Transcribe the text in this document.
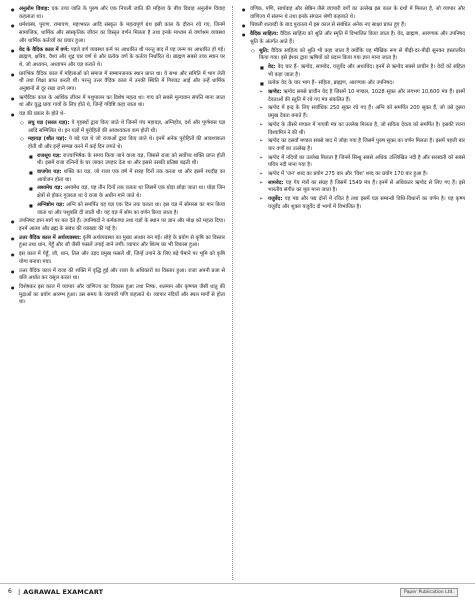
● अनुलोम विवाह: एक उच्च जाति के पुरुष और एक निचली जाति की महिला के बीच विवाह अनुलोम विवाह कहलाता था।
● धर्मशास्त्र, पुराण, रामायण, महाभारत आदि संस्कृत के महत्वपूर्ण ग्रंथ इसी काल के दौरान रचे गए, जिनमें सामाजिक, धार्मिक और सांस्कृतिक जीवन का विस्तृत वर्णन मिलता है तथा इनके माध्यम से वर्णाश्रम व्यवस्था और धार्मिक कर्तव्यों का प्रचार हुआ।
● वेद के वैदिक काल में वर्ण: पहले वर्ण व्यवस्था कर्म पर आधारित थी परन्तु बाद में यह जन्म पर आधारित हो गई। ब्राह्मण, क्षत्रिय, वैश्य और शूद्र चार वर्ण थे और प्रत्येक वर्ण के कर्तव्य निर्धारित थे। ब्राह्मण सबसे उच्च स्थान पर थे, जो अध्ययन, अध्यापन और यज्ञ कराते थे।
● प्रारंभिक वैदिक काल में महिलाओं को समाज में सम्मानजनक स्थान प्राप्त था। वे सभा और समिति में भाग लेती थीं तथा शिक्षा प्राप्त करती थीं। परन्तु उत्तर वैदिक काल में उनकी स्थिति में गिरावट आई और उन्हें धार्मिक अनुष्ठानों से दूर रखा जाने लगा।
● ऋग्वैदिक काल के आर्थिक जीवन में पशुपालन का विशेष महत्व था। गाय को सबसे मूल्यवान संपत्ति माना जाता था और युद्ध प्रायः गायों के लिए होते थे, जिन्हें गविष्टि कहा जाता था।
● यज्ञ की प्रकार के होते थे–
◇ लघु यज्ञ (सरल यज्ञ): ये गृहस्थों द्वारा किए जाते थे जिनमें पंच महायज्ञ, अग्निहोत्र, दर्श और पूर्णमास यज्ञ आदि सम्मिलित थे। इन यज्ञों में पुरोहितों की आवश्यकता कम होती थी।
◇ महायज्ञ (श्रौत यज्ञ): ये बड़े यज्ञ थे जो राजाओं द्वारा किए जाते थे। इनमें अनेक पुरोहितों की आवश्यकता होती थी और इन्हें सम्पन्न करने में कई दिन लगते थे।
■ राजसूय यज्ञ: राज्याभिषेक के समय किया जाने वाला यज्ञ, जिससे राजा को सर्वोच्च शक्ति प्राप्त होती थी। इसमें राजा रत्निनों के घर जाकर उपहार देता था और इससे उसकी प्रतिष्ठा बढ़ती थी।
■ वाजपेय यज्ञ: शक्ति का यज्ञ, जो राजा एक वर्ष में सत्रह दिनों तक करता था और इसमें रथदौड़ का आयोजन होता था।
■ अश्वमेध यज्ञ: अश्वमेध यज्ञ, यह तीन दिनों तक चलता था जिसमें एक घोड़ा छोड़ा जाता था। घोड़ा जिन क्षेत्रों से होकर गुजरता था वे राजा के अधीन माने जाते थे।
■ अग्निष्टोम यज्ञ: अग्नि को समर्पित यह यज्ञ एक दिन तक चलता था। इस यज्ञ में सोमरस का पान किया जाता था और पशुबलि दी जाती थी। यह यज्ञ में सोम का वर्णन किया जाता है।
● उपनिषद ज्ञान मार्ग पर बल देते हैं। उपनिषदों ने कर्मकाण्ड तथा यज्ञों के स्थान पर ज्ञान और मोक्ष को महत्व दिया। इनमें आत्मा और ब्रह्म के संबंध की व्याख्या की गई है।
● उत्तर वैदिक काल में अर्थव्यवस्था: कृषि अर्थव्यवस्था का मुख्य आधार बन गई। लोहे के प्रयोग से कृषि का विस्तार हुआ तथा धान, गेहूँ और जौ जैसी फसलें उगाई जाने लगीं। व्यापार और शिल्प का भी विकास हुआ।
● इस काल में गेहूँ, जौ, धान, तिल और उड़द प्रमुख फसलें थीं, जिन्हें उगाने के लिए बड़े पैमाने पर भूमि को कृषि योग्य बनाया गया।
● उत्तर वैदिक काल में राजा की शक्ति में वृद्धि हुई और राजा के अधिकारों का विस्तार हुआ। राजा अपनी प्रजा से बलि अर्थात कर वसूल करता था।
● विशेषकर इस काल में व्यापार और वाणिज्य का विकास हुआ तथा निष्क, शतमान और कृष्णल जैसी धातु की मुद्राओं का प्रयोग आरम्भ हुआ। उस समय के व्यापारी पणि कहलाते थे। व्यापार नदियों और स्थल मार्गों से होता था।
● वणिक, पणि, सार्थवाह और श्रेष्ठिन जैसे व्यापारी वर्गों का उल्लेख इस काल के ग्रंथों में मिलता है, जो व्यापार और वाणिज्य में संलग्न थे तथा इनके संगठन श्रेणी कहलाते थे।
● पिछली शताब्दी के बाद पुरातत्व में इस काल से संबंधित अनेक नए साक्ष्य प्राप्त हुए हैं।
● वैदिक साहित्य: वैदिक साहित्य को श्रुति और स्मृति में विभाजित किया जाता है। वेद, ब्राह्मण, आरण्यक और उपनिषद श्रुति के अंतर्गत आते हैं।
◇ श्रुति: वैदिक साहित्य को श्रुति भी कहा जाता है क्योंकि यह मौखिक रूप से पीढ़ी-दर-पीढ़ी सुनकर हस्तांतरित किया गया। इसे ईश्वर द्वारा ऋषियों को प्रदान किया गया ज्ञान माना जाता है।
■ वेद: वेद चार हैं– ऋग्वेद, सामवेद, यजुर्वेद और अथर्ववेद। इनमें से ऋग्वेद सबसे प्राचीन है। वेदों को संहिता भी कहा जाता है।
■ प्रत्येक वेद के चार भाग हैं– संहिता, ब्राह्मण, आरण्यक और उपनिषद।
➢ ऋग्वेद: ऋग्वेद सबसे प्राचीन वेद है जिसमें 10 मण्डल, 1028 सूक्त और लगभग 10,600 मंत्र हैं। इसमें देवताओं की स्तुति में रचे गए मंत्र संकलित हैं।
➢ ऋग्वेद में इन्द्र के लिए सर्वाधिक 250 सूक्त रचे गए हैं। अग्नि को समर्पित 200 सूक्त हैं, जो उसे दूसरा प्रमुख देवता बनाते हैं।
➢ ऋग्वेद के तीसरे मण्डल में गायत्री मंत्र का उल्लेख मिलता है, जो सविता देवता को समर्पित है। इसकी रचना विश्वामित्र ने की थी।
➢ ऋग्वेद का दसवाँ मण्डल सबसे बाद में जोड़ा गया है जिसमें पुरुष सूक्त का वर्णन मिलता है। इसमें पहली बार चार वर्णों का उल्लेख है।
➢ ऋग्वेद में नदियों का उल्लेख मिलता है जिनमें सिन्धु सबसे अधिक उल्लिखित नदी है और सरस्वती को सबसे पवित्र नदी माना गया है।
➢ ऋग्वेद में 'जन' शब्द का प्रयोग 275 बार और 'विश' शब्द का प्रयोग 170 बार हुआ है।
➢ सामवेद: यह गेय मंत्रों का संग्रह है जिसमें 1549 मंत्र हैं। इनमें से अधिकतर ऋग्वेद से लिए गए हैं। इसे भारतीय संगीत का मूल माना जाता है।
➢ यजुर्वेद: यह गद्य और पद्य दोनों में रचित है तथा इसमें यज्ञ सम्बन्धी विधि-विधानों का वर्णन है। यह कृष्ण यजुर्वेद और शुक्ल यजुर्वेद दो भागों में विभाजित है।
6 | AGRAWAL EXAMCART	Paper Publication Ltd.
